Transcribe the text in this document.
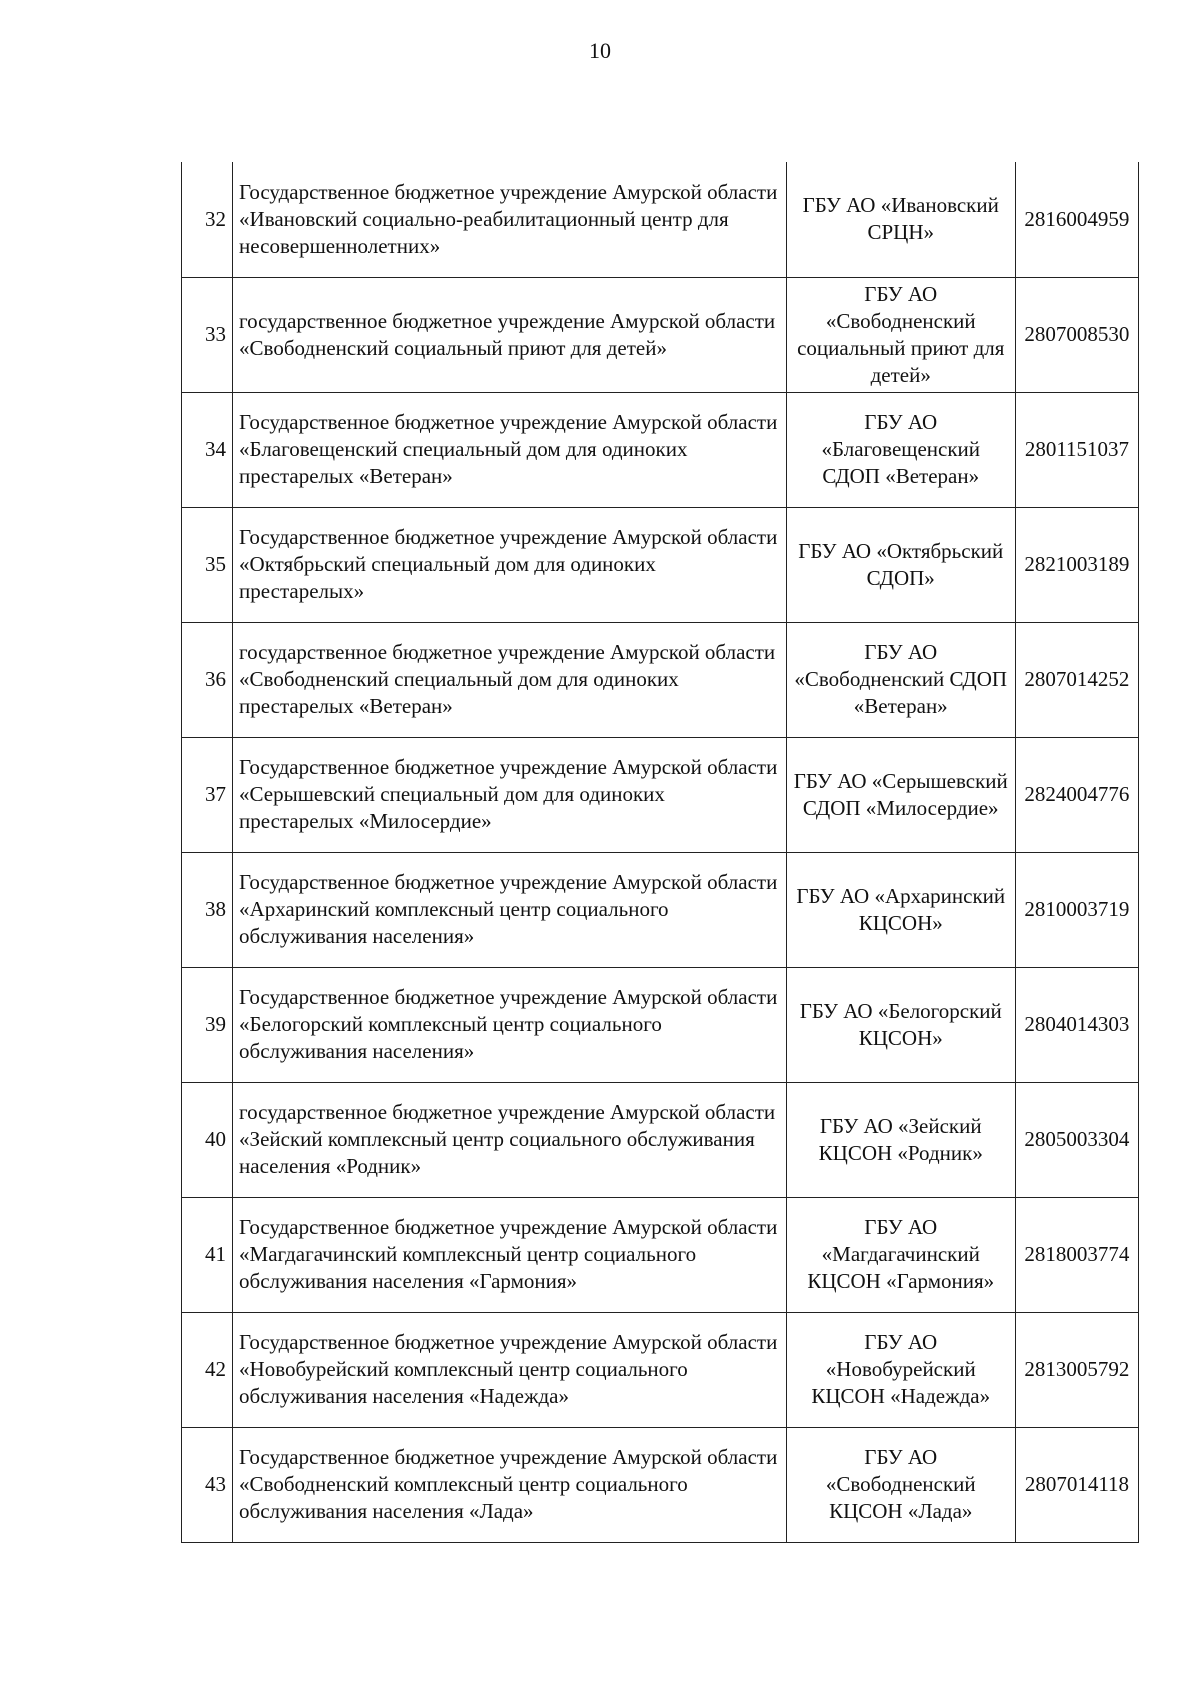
10
32	Государственное бюджетное учреждение Амурской области «Ивановский социально-реабилитационный центр для несовершеннолетних»	ГБУ АО «Ивановский СРЦН»	2816004959
33	государственное бюджетное учреждение Амурской области «Свободненский социальный приют для детей»	ГБУ АО «Свободненский социальный приют для детей»	2807008530
34	Государственное бюджетное учреждение Амурской области «Благовещенский специальный дом для одиноких престарелых «Ветеран»	ГБУ АО «Благовещенский СДОП «Ветеран»	2801151037
35	Государственное бюджетное учреждение Амурской области «Октябрьский специальный дом для одиноких престарелых»	ГБУ АО «Октябрьский СДОП»	2821003189
36	государственное бюджетное учреждение Амурской области «Свободненский специальный дом для одиноких престарелых «Ветеран»	ГБУ АО «Свободненский СДОП «Ветеран»	2807014252
37	Государственное бюджетное учреждение Амурской области «Серышевский специальный дом для одиноких престарелых «Милосердие»	ГБУ АО «Серышевский СДОП «Милосердие»	2824004776
38	Государственное бюджетное учреждение Амурской области «Архаринский комплексный центр социального обслуживания населения»	ГБУ АО «Архаринский КЦСОН»	2810003719
39	Государственное бюджетное учреждение Амурской области «Белогорский комплексный центр социального обслуживания населения»	ГБУ АО «Белогорский КЦСОН»	2804014303
40	государственное бюджетное учреждение Амурской области «Зейский комплексный центр социального обслуживания населения «Родник»	ГБУ АО «Зейский КЦСОН «Родник»	2805003304
41	Государственное бюджетное учреждение Амурской области «Магдагачинский комплексный центр социального обслуживания населения «Гармония»	ГБУ АО «Магдагачинский КЦСОН «Гармония»	2818003774
42	Государственное бюджетное учреждение Амурской области «Новобурейский комплексный центр социального обслуживания населения «Надежда»	ГБУ АО «Новобурейский КЦСОН «Надежда»	2813005792
43	Государственное бюджетное учреждение Амурской области «Свободненский комплексный центр социального обслуживания населения «Лада»	ГБУ АО «Свободненский КЦСОН «Лада»	2807014118
